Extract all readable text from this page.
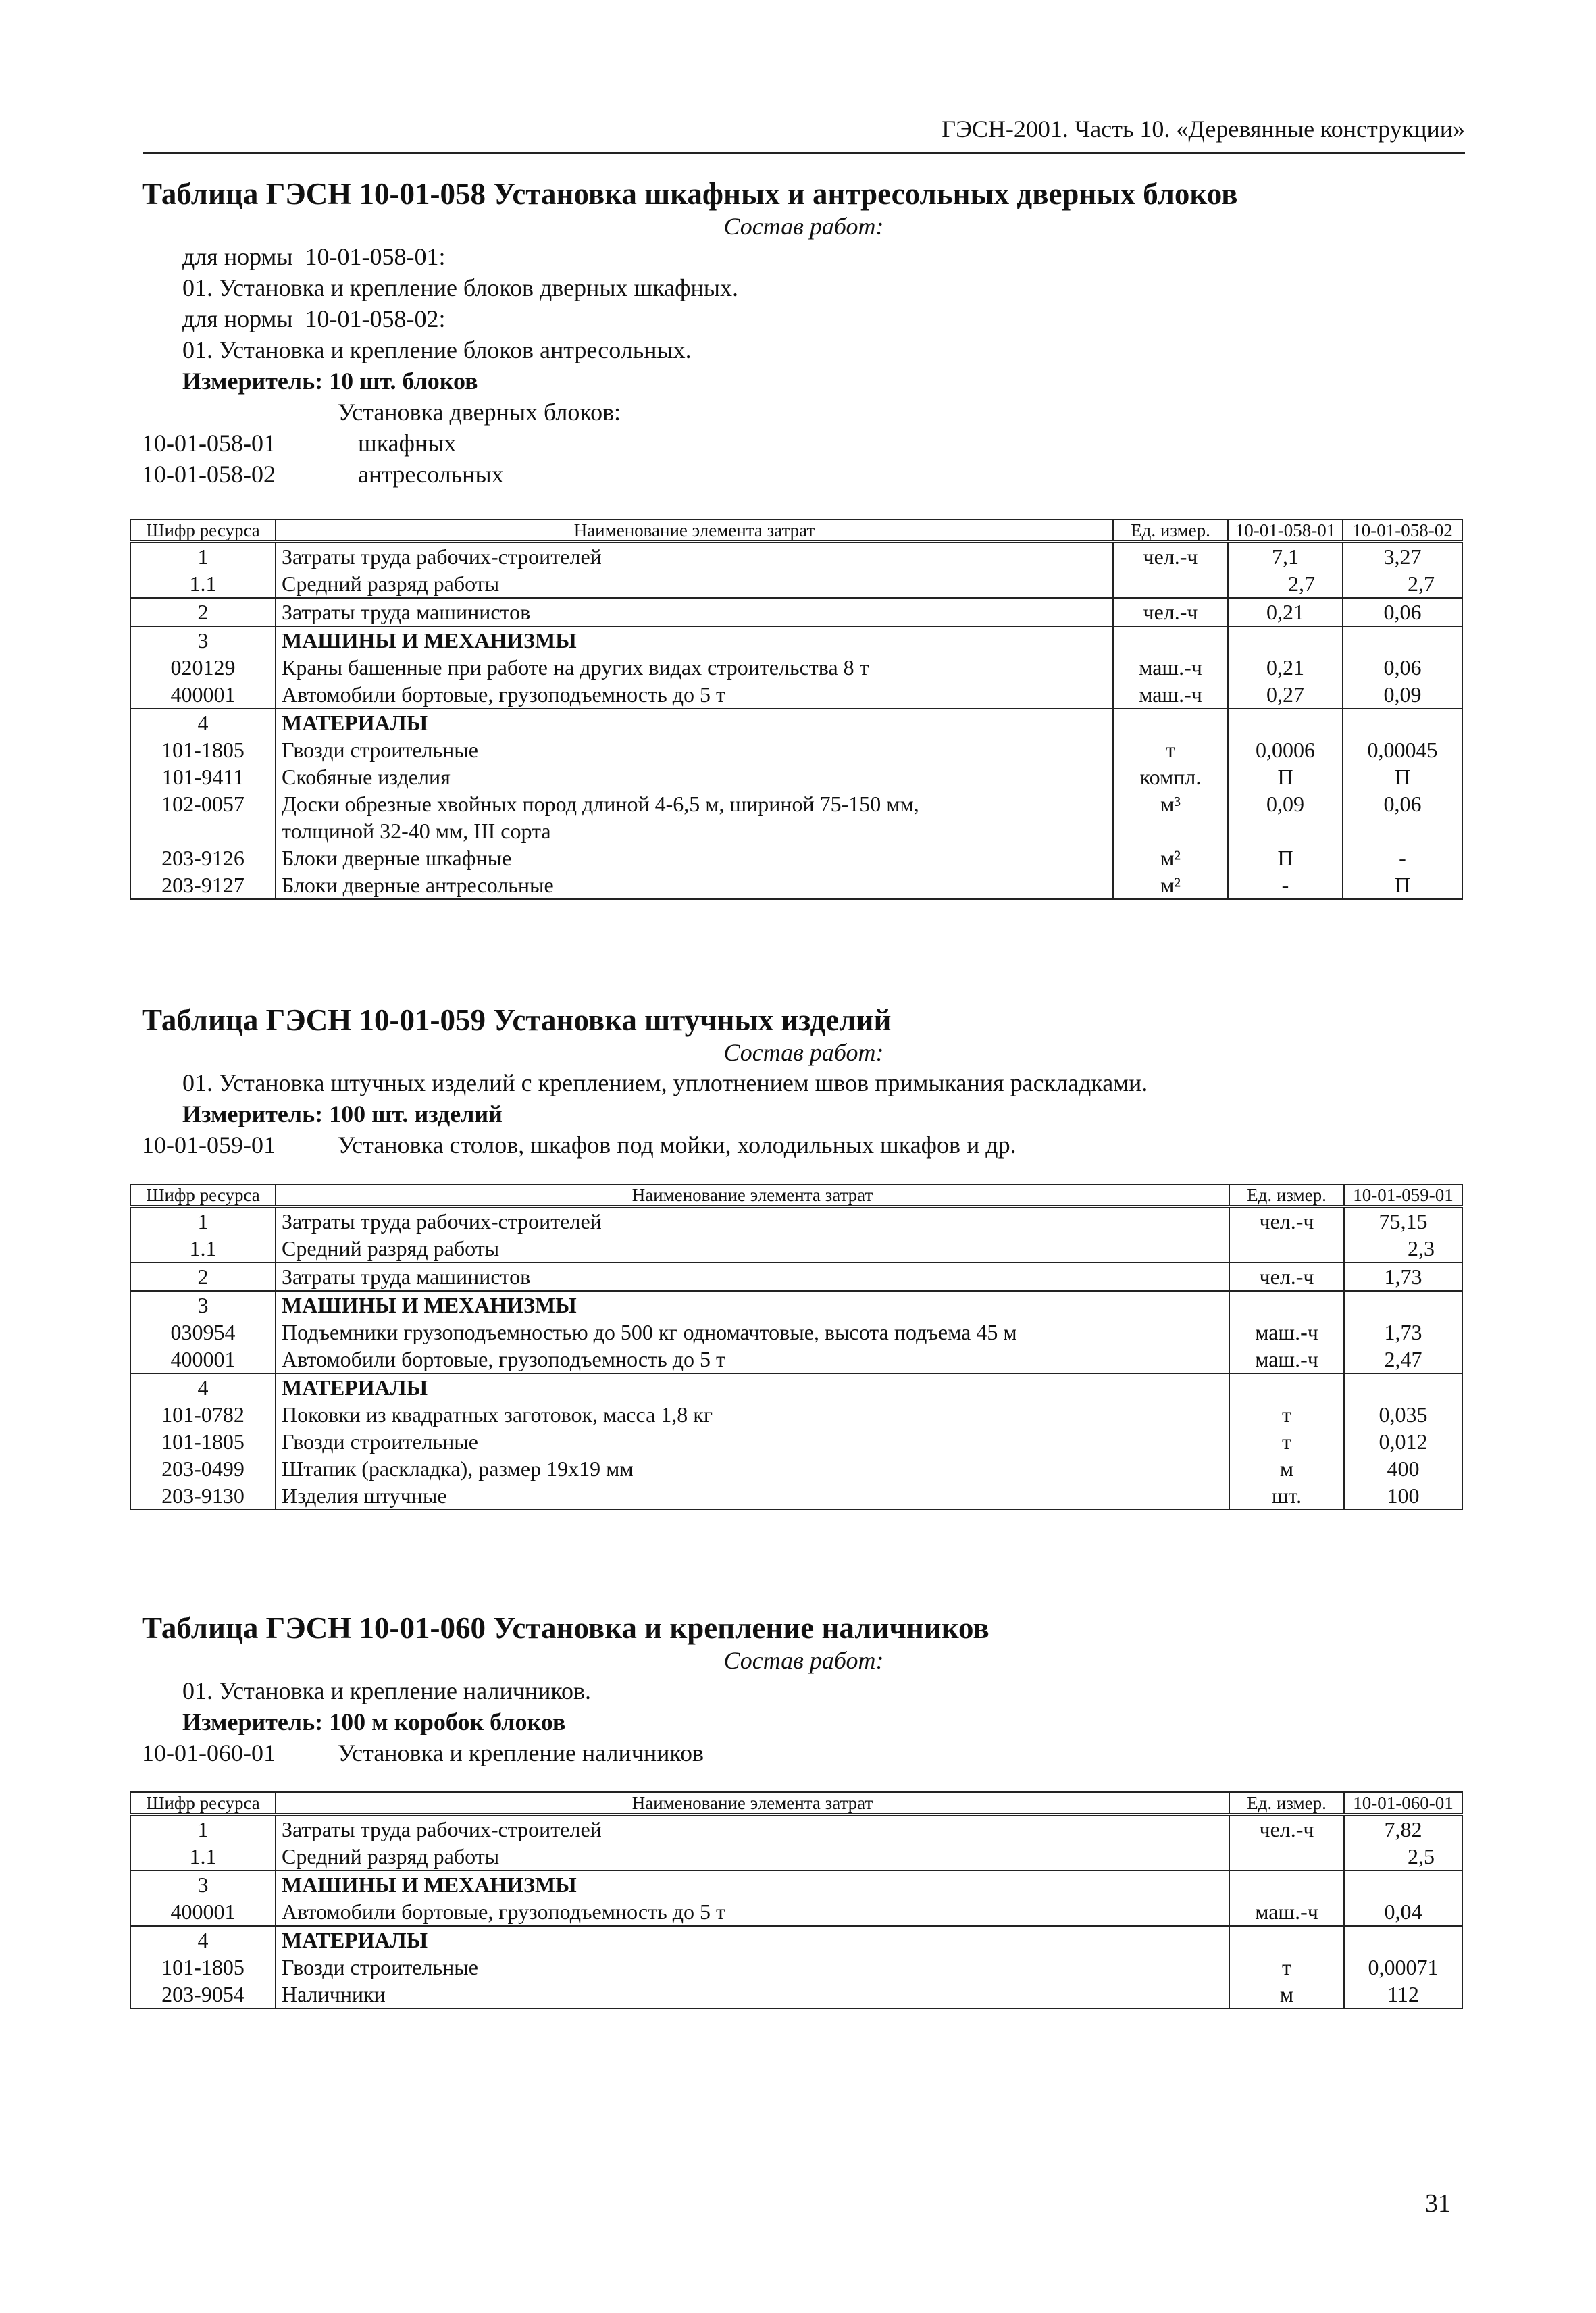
ГЭСН-2001. Часть 10. «Деревянные конструкции»
Таблица ГЭСН 10-01-058 Установка шкафных и антресольных дверных блоков
Состав работ:
для нормы  10-01-058-01:
01. Установка и крепление блоков дверных шкафных.
для нормы  10-01-058-02:
01. Установка и крепление блоков антресольных.
Измеритель: 10 шт. блоков
Установка дверных блоков:
10-01-058-01	шкафных
10-01-058-02	антресольных
Шифр ресурса	Наименование элемента затрат	Ед. измер.	10-01-058-01	10-01-058-02
1	Затраты труда рабочих-строителей	чел.-ч	7,1	3,27
1.1	Средний разряд работы		2,7	2,7
2	Затраты труда машинистов	чел.-ч	0,21	0,06
3	МАШИНЫ И МЕХАНИЗМЫ			
020129	Краны башенные при работе на других видах строительства 8 т	маш.-ч	0,21	0,06
400001	Автомобили бортовые, грузоподъемность до 5 т	маш.-ч	0,27	0,09
4	МАТЕРИАЛЫ			
101-1805	Гвозди строительные	т	0,0006	0,00045
101-9411	Скобяные изделия	компл.	П	П
102-0057	Доски обрезные хвойных пород длиной 4-6,5 м, шириной 75-150 мм,	м³	0,09	0,06
	толщиной 32-40 мм, III сорта			
203-9126	Блоки дверные шкафные	м²	П	-
203-9127	Блоки дверные антресольные	м²	-	П
Таблица ГЭСН 10-01-059 Установка штучных изделий
Состав работ:
01. Установка штучных изделий с креплением, уплотнением швов примыкания раскладками.
Измеритель: 100 шт. изделий
10-01-059-01	Установка столов, шкафов под мойки, холодильных шкафов и др.
Шифр ресурса	Наименование элемента затрат	Ед. измер.	10-01-059-01
1	Затраты труда рабочих-строителей	чел.-ч	75,15
1.1	Средний разряд работы		2,3
2	Затраты труда машинистов	чел.-ч	1,73
3	МАШИНЫ И МЕХАНИЗМЫ		
030954	Подъемники грузоподъемностью до 500 кг одномачтовые, высота подъема 45 м	маш.-ч	1,73
400001	Автомобили бортовые, грузоподъемность до 5 т	маш.-ч	2,47
4	МАТЕРИАЛЫ		
101-0782	Поковки из квадратных заготовок, масса 1,8 кг	т	0,035
101-1805	Гвозди строительные	т	0,012
203-0499	Штапик (раскладка), размер 19х19 мм	м	400
203-9130	Изделия штучные	шт.	100
Таблица ГЭСН 10-01-060 Установка и крепление наличников
Состав работ:
01. Установка и крепление наличников.
Измеритель: 100 м коробок блоков
10-01-060-01	Установка и крепление наличников
Шифр ресурса	Наименование элемента затрат	Ед. измер.	10-01-060-01
1	Затраты труда рабочих-строителей	чел.-ч	7,82
1.1	Средний разряд работы		2,5
3	МАШИНЫ И МЕХАНИЗМЫ		
400001	Автомобили бортовые, грузоподъемность до 5 т	маш.-ч	0,04
4	МАТЕРИАЛЫ		
101-1805	Гвозди строительные	т	0,00071
203-9054	Наличники	м	112
31
